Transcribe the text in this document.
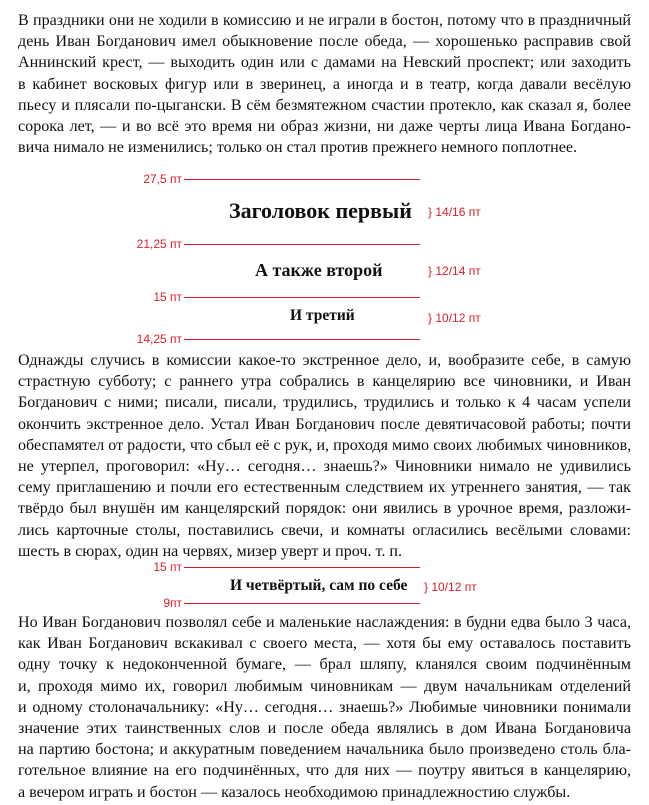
В праздники они не ходили в комиссию и не играли в бостон, потому что в праздничный
день Иван Богданович имел обыкновение после обеда, — хорошенько расправив свой
Аннинский крест, — выходить один или с дамами на Невский проспект; или заходить
в кабинет восковых фигур или в зверинец, а иногда и в театр, когда давали весёлую
пьесу и плясали по-цыгански. В сём безмятежном счастии протекло, как сказал я, более
сорока лет, — и во всё это время ни образ жизни, ни даже черты лица Ивана Богдано-
вича нимало не изменились; только он стал против прежнего немного поплотнее.
27,5 пт
Заголовок первый } 14/16 пт
21,25 пт
А также второй	} 12/14 пт
15 пт
И третий	} 10/12 пт
14,25 пт
Однажды случись в комиссии какое-то экстренное дело, и, вообразите себе, в самую
страстную субботу; с раннего утра собрались в канцелярию все чиновники, и Иван
Богданович с ними; писали, писали, трудились, трудились и только к 4 часам успели
окончить экстренное дело. Устал Иван Богданович после девятичасовой работы; почти
обеспамятел от радости, что сбыл её с рук, и, проходя мимо своих любимых чиновников,
не утерпел, проговорил: «Ну… сегодня… знаешь?» Чиновники нимало не удивились
сему приглашению и почли его естественным следствием их утреннего занятия, — так
твёрдо был внушён им канцелярский порядок: они явились в урочное время, разложи-
лись карточные столы, поставились свечи, и комнаты огласились весёлыми словами:
шесть в сюрах, один на червях, мизер уверт и проч. т. п.
15 пт
И четвёртый, сам по себе } 10/12 пт
9пт
Но Иван Богданович позволял себе и маленькие наслаждения: в будни едва было 3 часа,
как Иван Богданович вскакивал с своего места, — хотя бы ему оставалось поставить
одну точку к недоконченной бумаге, — брал шляпу, кланялся своим подчинённым
и, проходя мимо их, говорил любимым чиновникам — двум начальникам отделений
и одному столоначальнику: «Ну… сегодня… знаешь?» Любимые чиновники понимали
значение этих таинственных слов и после обеда являлись в дом Ивана Богдановича
на партию бостона; и аккуратным поведением начальника было произведено столь бла-
готельное влияние на его подчинённых, что для них — поутру явиться в канцелярию,
а вечером играть и бостон — казалось необходимою принадлежностию службы.
